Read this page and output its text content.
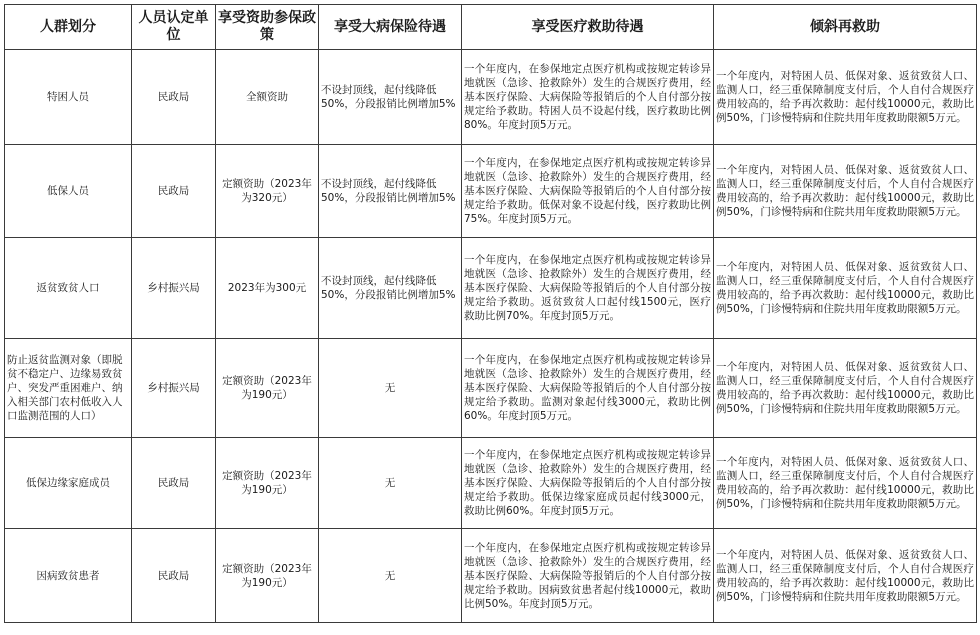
人群划分	人员认定单位	享受资助参保政策	享受大病保险待遇	享受医疗救助待遇	倾斜再救助
特困人员	民政局	全额资助	不设封顶线，起付线降低50%，分段报销比例增加5%	一个年度内，在参保地定点医疗机构或按规定转诊异地就医（急诊、抢救除外）发生的合规医疗费用，经基本医疗保险、大病保险等报销后的个人自付部分按规定给予救助。特困人员不设起付线，医疗救助比例80%。年度封顶5万元。	一个年度内，对特困人员、低保对象、返贫致贫人口、监测人口，经三重保障制度支付后，个人自付合规医疗费用较高的，给予再次救助：起付线10000元，救助比例50%，门诊慢特病和住院共用年度救助限额5万元。
低保人员	民政局	定额资助（2023年为320元）	不设封顶线，起付线降低50%，分段报销比例增加5%	一个年度内，在参保地定点医疗机构或按规定转诊异地就医（急诊、抢救除外）发生的合规医疗费用，经基本医疗保险、大病保险等报销后的个人自付部分按规定给予救助。低保对象不设起付线，医疗救助比例75%。年度封顶5万元。	一个年度内，对特困人员、低保对象、返贫致贫人口、监测人口，经三重保障制度支付后，个人自付合规医疗费用较高的，给予再次救助：起付线10000元，救助比例50%，门诊慢特病和住院共用年度救助限额5万元。
返贫致贫人口	乡村振兴局	2023年为300元	不设封顶线，起付线降低50%，分段报销比例增加5%	一个年度内，在参保地定点医疗机构或按规定转诊异地就医（急诊、抢救除外）发生的合规医疗费用，经基本医疗保险、大病保险等报销后的个人自付部分按规定给予救助。返贫致贫人口起付线1500元，医疗救助比例70%。年度封顶5万元。	一个年度内，对特困人员、低保对象、返贫致贫人口、监测人口，经三重保障制度支付后，个人自付合规医疗费用较高的，给予再次救助：起付线10000元，救助比例50%，门诊慢特病和住院共用年度救助限额5万元。
防止返贫监测对象（即脱贫不稳定户、边缘易致贫户、突发严重困难户、纳入相关部门农村低收入人口监测范围的人口）	乡村振兴局	定额资助（2023年为190元）	无	一个年度内，在参保地定点医疗机构或按规定转诊异地就医（急诊、抢救除外）发生的合规医疗费用，经基本医疗保险、大病保险等报销后的个人自付部分按规定给予救助。监测对象起付线3000元，救助比例60%。年度封顶5万元。	一个年度内，对特困人员、低保对象、返贫致贫人口、监测人口，经三重保障制度支付后，个人自付合规医疗费用较高的，给予再次救助：起付线10000元，救助比例50%，门诊慢特病和住院共用年度救助限额5万元。
低保边缘家庭成员	民政局	定额资助（2023年为190元）	无	一个年度内，在参保地定点医疗机构或按规定转诊异地就医（急诊、抢救除外）发生的合规医疗费用，经基本医疗保险、大病保险等报销后的个人自付部分按规定给予救助。低保边缘家庭成员起付线3000元，救助比例60%。年度封顶5万元。	一个年度内，对特困人员、低保对象、返贫致贫人口、监测人口，经三重保障制度支付后，个人自付合规医疗费用较高的，给予再次救助：起付线10000元，救助比例50%，门诊慢特病和住院共用年度救助限额5万元。
因病致贫患者	民政局	定额资助（2023年为190元）	无	一个年度内，在参保地定点医疗机构或按规定转诊异地就医（急诊、抢救除外）发生的合规医疗费用，经基本医疗保险、大病保险等报销后的个人自付部分按规定给予救助。因病致贫患者起付线10000元，救助比例50%。年度封顶5万元。	一个年度内，对特困人员、低保对象、返贫致贫人口、监测人口，经三重保障制度支付后，个人自付合规医疗费用较高的，给予再次救助：起付线10000元，救助比例50%，门诊慢特病和住院共用年度救助限额5万元。
